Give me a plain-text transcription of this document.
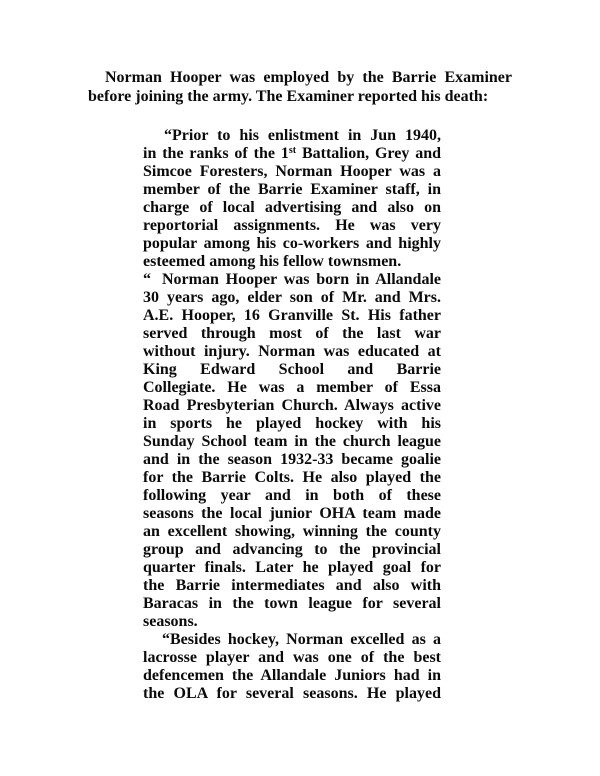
Norman Hooper was employed by the Barrie Examiner
before joining the army. The Examiner reported his death:
“Prior to his enlistment in Jun 1940,
in the ranks of the 1st Battalion, Grey and
Simcoe Foresters, Norman Hooper was a
member of the Barrie Examiner staff, in
charge of local advertising and also on
reportorial assignments. He was very
popular among his co-workers and highly
esteemed among his fellow townsmen.
“ Norman Hooper was born in Allandale
30 years ago, elder son of Mr. and Mrs.
A.E. Hooper, 16 Granville St. His father
served through most of the last war
without injury. Norman was educated at
King Edward School and Barrie
Collegiate. He was a member of Essa
Road Presbyterian Church. Always active
in sports he played hockey with his
Sunday School team in the church league
and in the season 1932-33 became goalie
for the Barrie Colts. He also played the
following year and in both of these
seasons the local junior OHA team made
an excellent showing, winning the county
group and advancing to the provincial
quarter finals. Later he played goal for
the Barrie intermediates and also with
Baracas in the town league for several
seasons.
“Besides hockey, Norman excelled as a
lacrosse player and was one of the best
defencemen the Allandale Juniors had in
the OLA for several seasons. He played
